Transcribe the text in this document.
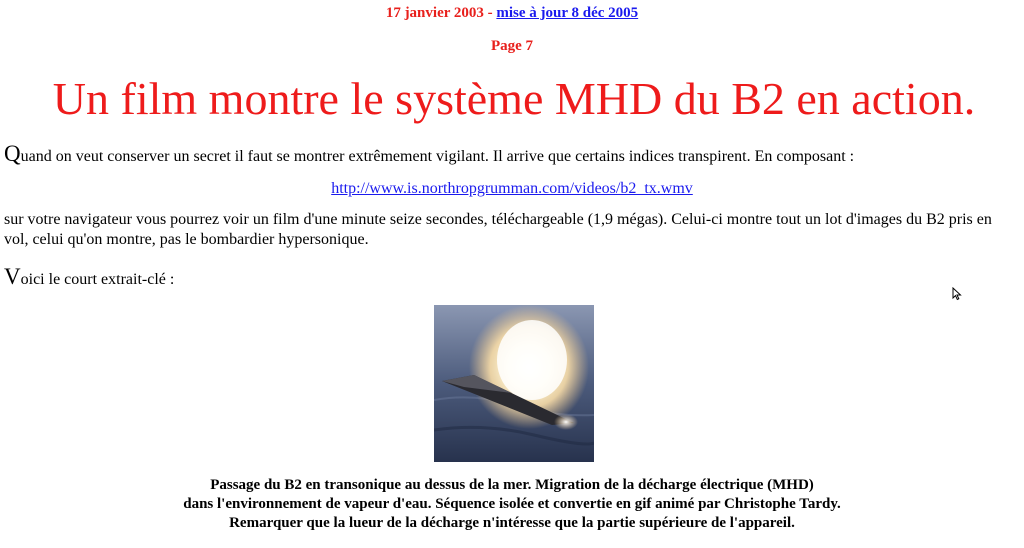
17 janvier 2003 - mise à jour 8 déc 2005
Page 7
Un film montre le système MHD du B2 en action.
Quand on veut conserver un secret il faut se montrer extrêmement vigilant. Il arrive que certains indices transpirent. En composant :
http://www.is.northropgrumman.com/videos/b2_tx.wmv
sur votre navigateur vous pourrez voir un film d'une minute seize secondes, téléchargeable (1,9 mégas). Celui-ci montre tout un lot d'images du B2 pris en vol, celui qu'on montre, pas le bombardier hypersonique.
Voici le court extrait-clé :
Passage du B2 en transonique au dessus de la mer. Migration de la décharge électrique (MHD)
dans l'environnement de vapeur d'eau. Séquence isolée et convertie en gif animé par Christophe Tardy.
Remarquer que la lueur de la décharge n'intéresse que la partie supérieure de l'appareil.
